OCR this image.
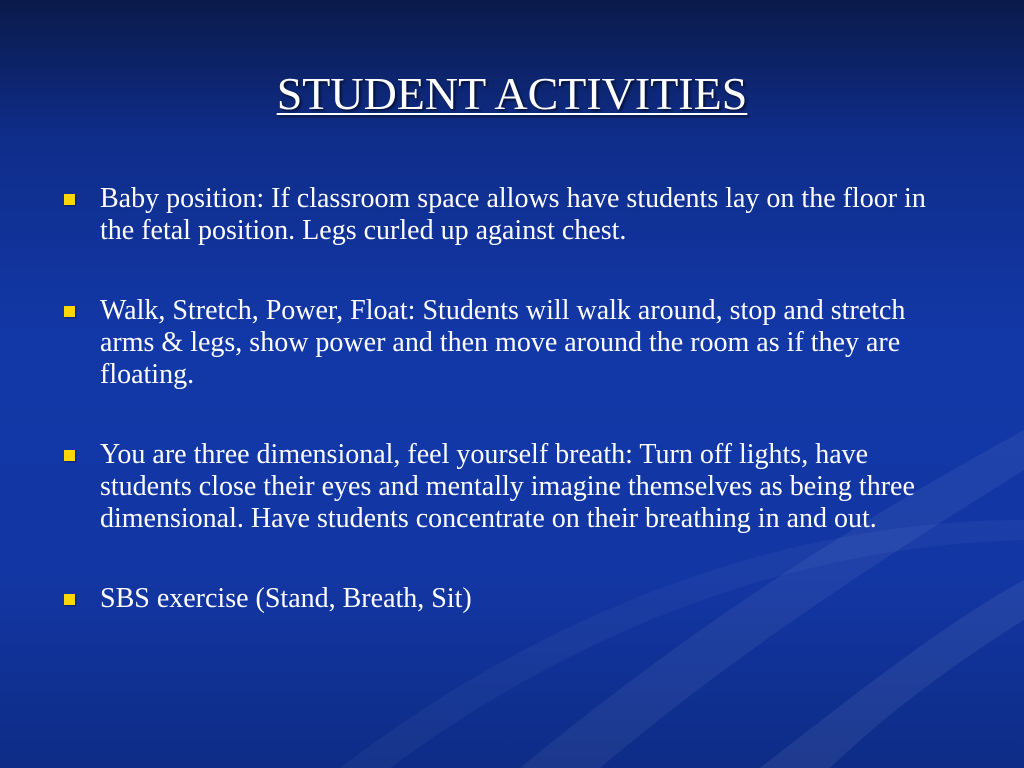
STUDENT ACTIVITIES
Baby position: If classroom space allows have students lay on the floor in the fetal position. Legs curled up against chest.
Walk, Stretch, Power, Float: Students will walk around, stop and stretch arms & legs, show power and then move around the room as if they are floating.
You are three dimensional, feel yourself breath: Turn off lights, have students close their eyes and mentally imagine themselves as being three dimensional. Have students concentrate on their breathing in and out.
SBS exercise (Stand, Breath, Sit)
